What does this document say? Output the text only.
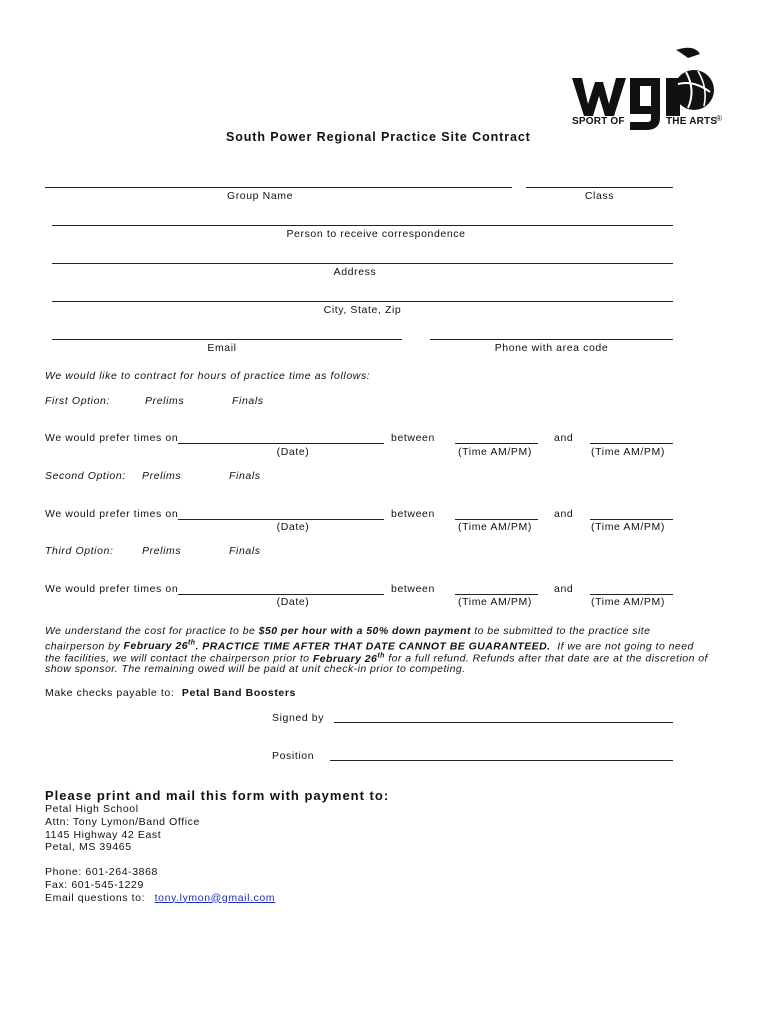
SPORT OF	THE ARTS
®
South Power Regional Practice Site Contract
Group Name	Class
Person to receive correspondence
Address
City, State, Zip
Email	Phone with area code
We would like to contract for hours of practice time as follows:
First Option:	Prelims	Finals
We would prefer times on	between	and
(Date)	(Time AM/PM)	(Time AM/PM)
Second Option: Prelims	Finals
We would prefer times on	between	and
(Date)	(Time AM/PM)	(Time AM/PM)
Third Option:	Prelims	Finals
We would prefer times on	between	and
(Date)	(Time AM/PM)	(Time AM/PM)
We understand the cost for practice to be $50 per hour with a 50% down payment to be submitted to the practice site
chairperson by February 26th. PRACTICE TIME AFTER THAT DATE CANNOT BE GUARANTEED. If we are not going to need
the facilities, we will contact the chairperson prior to February 26th for a full refund. Refunds after that date are at the discretion of
show sponsor. The remaining owed will be paid at unit check-in prior to competing.
Make checks payable to: Petal Band Boosters
Signed by
Position
Please print and mail this form with payment to:
Petal High School
Attn: Tony Lymon/Band Office
1145 Highway 42 East
Petal, MS 39465
Phone: 601-264-3868
Fax: 601-545-1229
Email questions to: tony.lymon@gmail.com
